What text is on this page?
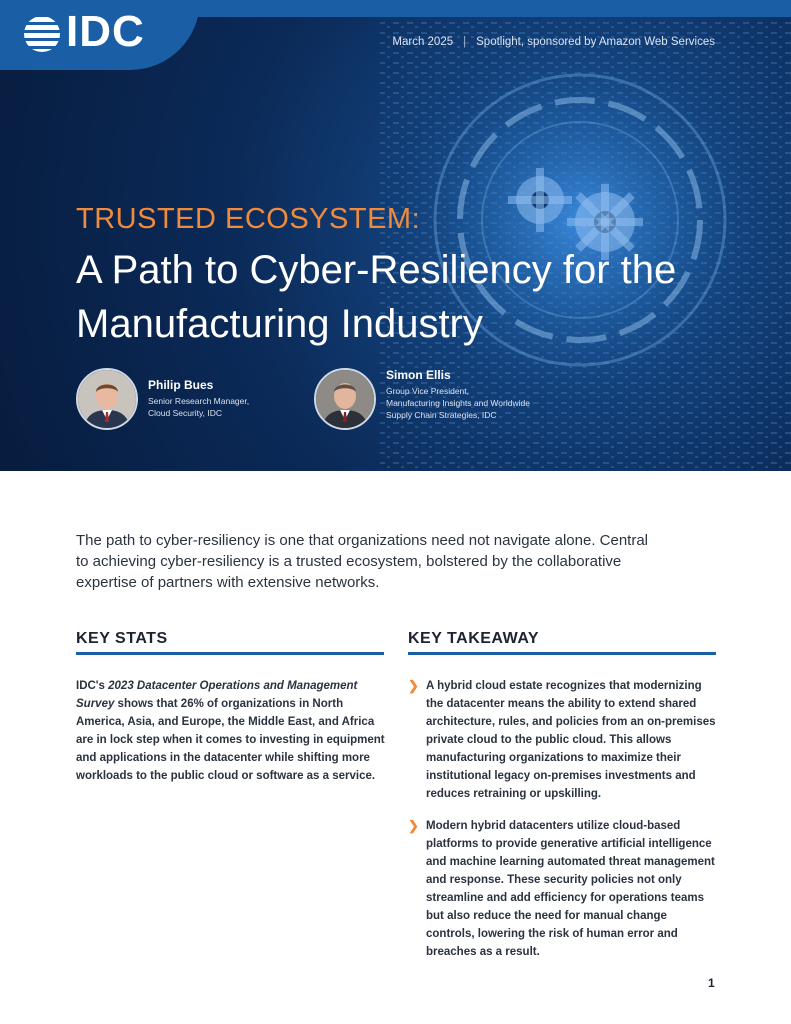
IDC	March 2025 | Spotlight, sponsored by Amazon Web Services
TRUSTED ECOSYSTEM:
A Path to Cyber-Resiliency for the Manufacturing Industry
Philip Bues
Senior Research Manager,
Cloud Security, IDC
Simon Ellis
Group Vice President,
Manufacturing Insights and Worldwide
Supply Chain Strategies, IDC
The path to cyber-resiliency is one that organizations need not navigate alone. Central to achieving cyber-resiliency is a trusted ecosystem, bolstered by the collaborative expertise of partners with extensive networks.
KEY STATS	KEY TAKEAWAY
IDC's 2023 Datacenter Operations and Management Survey shows that 26% of organizations in North America, Asia, and Europe, the Middle East, and Africa are in lock step when it comes to investing in equipment and applications in the datacenter while shifting more workloads to the public cloud or software as a service.
❯ A hybrid cloud estate recognizes that modernizing the datacenter means the ability to extend shared architecture, rules, and policies from an on-premises private cloud to the public cloud. This allows manufacturing organizations to maximize their institutional legacy on-premises investments and reduces retraining or upskilling.
❯ Modern hybrid datacenters utilize cloud-based platforms to provide generative artificial intelligence and machine learning automated threat management and response. These security policies not only streamline and add efficiency for operations teams but also reduce the need for manual change controls, lowering the risk of human error and breaches as a result.
1
